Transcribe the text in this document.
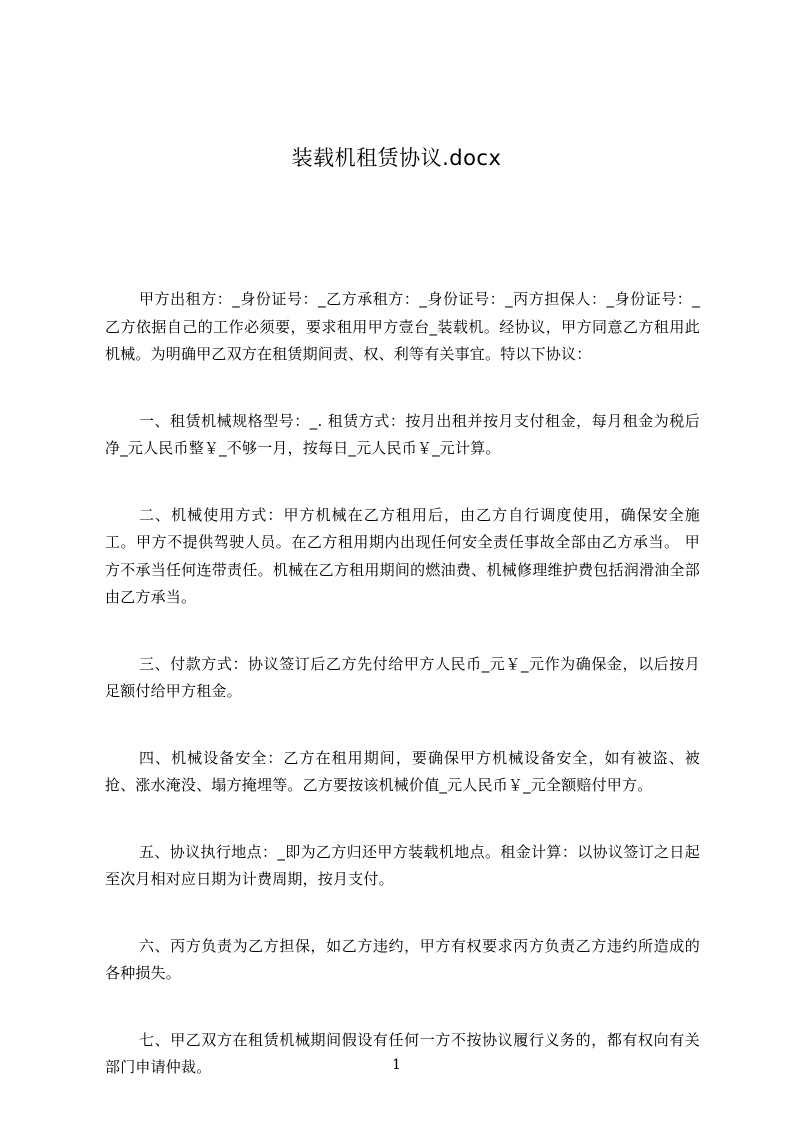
装载机租赁协议.docx

甲方出租方：_身份证号：_乙方承租方：_身份证号：_丙方担保人：_身份证号：_乙方依据自己的工作必须要，要求租用甲方壹台_装载机。经协议，甲方同意乙方租用此机械。为明确甲乙双方在租赁期间责、权、利等有关事宜。特以下协议：

一、租赁机械规格型号：_. 租赁方式：按月出租并按月支付租金，每月租金为税后净_元人民币整￥_不够一月，按每日_元人民币￥_元计算。

二、机械使用方式：甲方机械在乙方租用后，由乙方自行调度使用，确保安全施工。甲方不提供驾驶人员。在乙方租用期内出现任何安全责任事故全部由乙方承当。 甲方不承当任何连带责任。机械在乙方租用期间的燃油费、机械修理维护费包括润滑油全部由乙方承当。

三、付款方式：协议签订后乙方先付给甲方人民币_元￥_元作为确保金，以后按月足额付给甲方租金。

四、机械设备安全：乙方在租用期间，要确保甲方机械设备安全，如有被盗、被抢、涨水淹没、塌方掩埋等。乙方要按该机械价值_元人民币￥_元全额赔付甲方。

五、协议执行地点：_即为乙方归还甲方装载机地点。租金计算：以协议签订之日起至次月相对应日期为计费周期，按月支付。

六、丙方负责为乙方担保，如乙方违约，甲方有权要求丙方负责乙方违约所造成的各种损失。

七、甲乙双方在租赁机械期间假设有任何一方不按协议履行义务的，都有权向有关部门申请仲裁。	1
